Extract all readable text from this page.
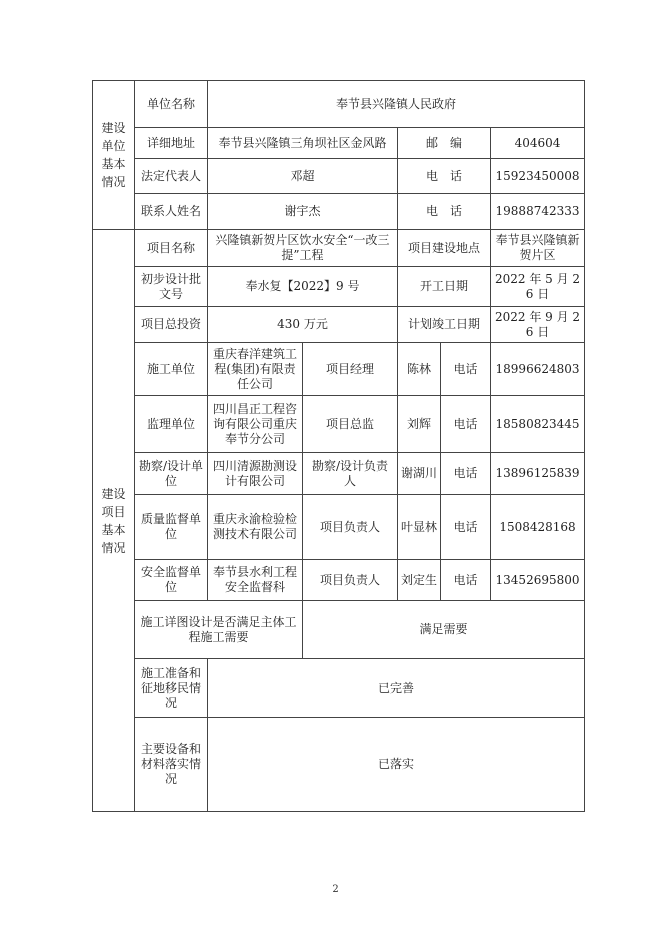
建设单位基本情况	单位名称	奉节县兴隆镇人民政府				
	详细地址	奉节县兴隆镇三角坝社区金风路		邮　编		404604
	法定代表人	邓超		电　话		15923450008
	联系人姓名	谢宇杰		电　话		19888742333
建设项目基本情况	项目名称	兴隆镇新贺片区饮水安全“一改三提”工程		项目建设地点		奉节县兴隆镇新贺片区
	初步设计批文号	奉水复【2022】9 号		开工日期		2022 年 5 月 26 日
	项目总投资	430 万元		计划竣工日期		2022 年 9 月 26 日
	施工单位	重庆春洋建筑工程(集团)有限责任公司	项目经理	陈林	电话	18996624803
	监理单位	四川昌正工程咨询有限公司重庆奉节分公司	项目总监	刘辉	电话	18580823445
	勘察/设计单位	四川清源勘测设计有限公司	勘察/设计负责人	谢湖川	电话	13896125839
	质量监督单位	重庆永渝检验检测技术有限公司	项目负责人	叶显林	电话	1508428168
	安全监督单位	奉节县水利工程安全监督科	项目负责人	刘定生	电话	13452695800
	施工详图设计是否满足主体工程施工需要		满足需要			
	施工准备和征地移民情况	已完善				
	主要设备和材料落实情况	已落实				
2
